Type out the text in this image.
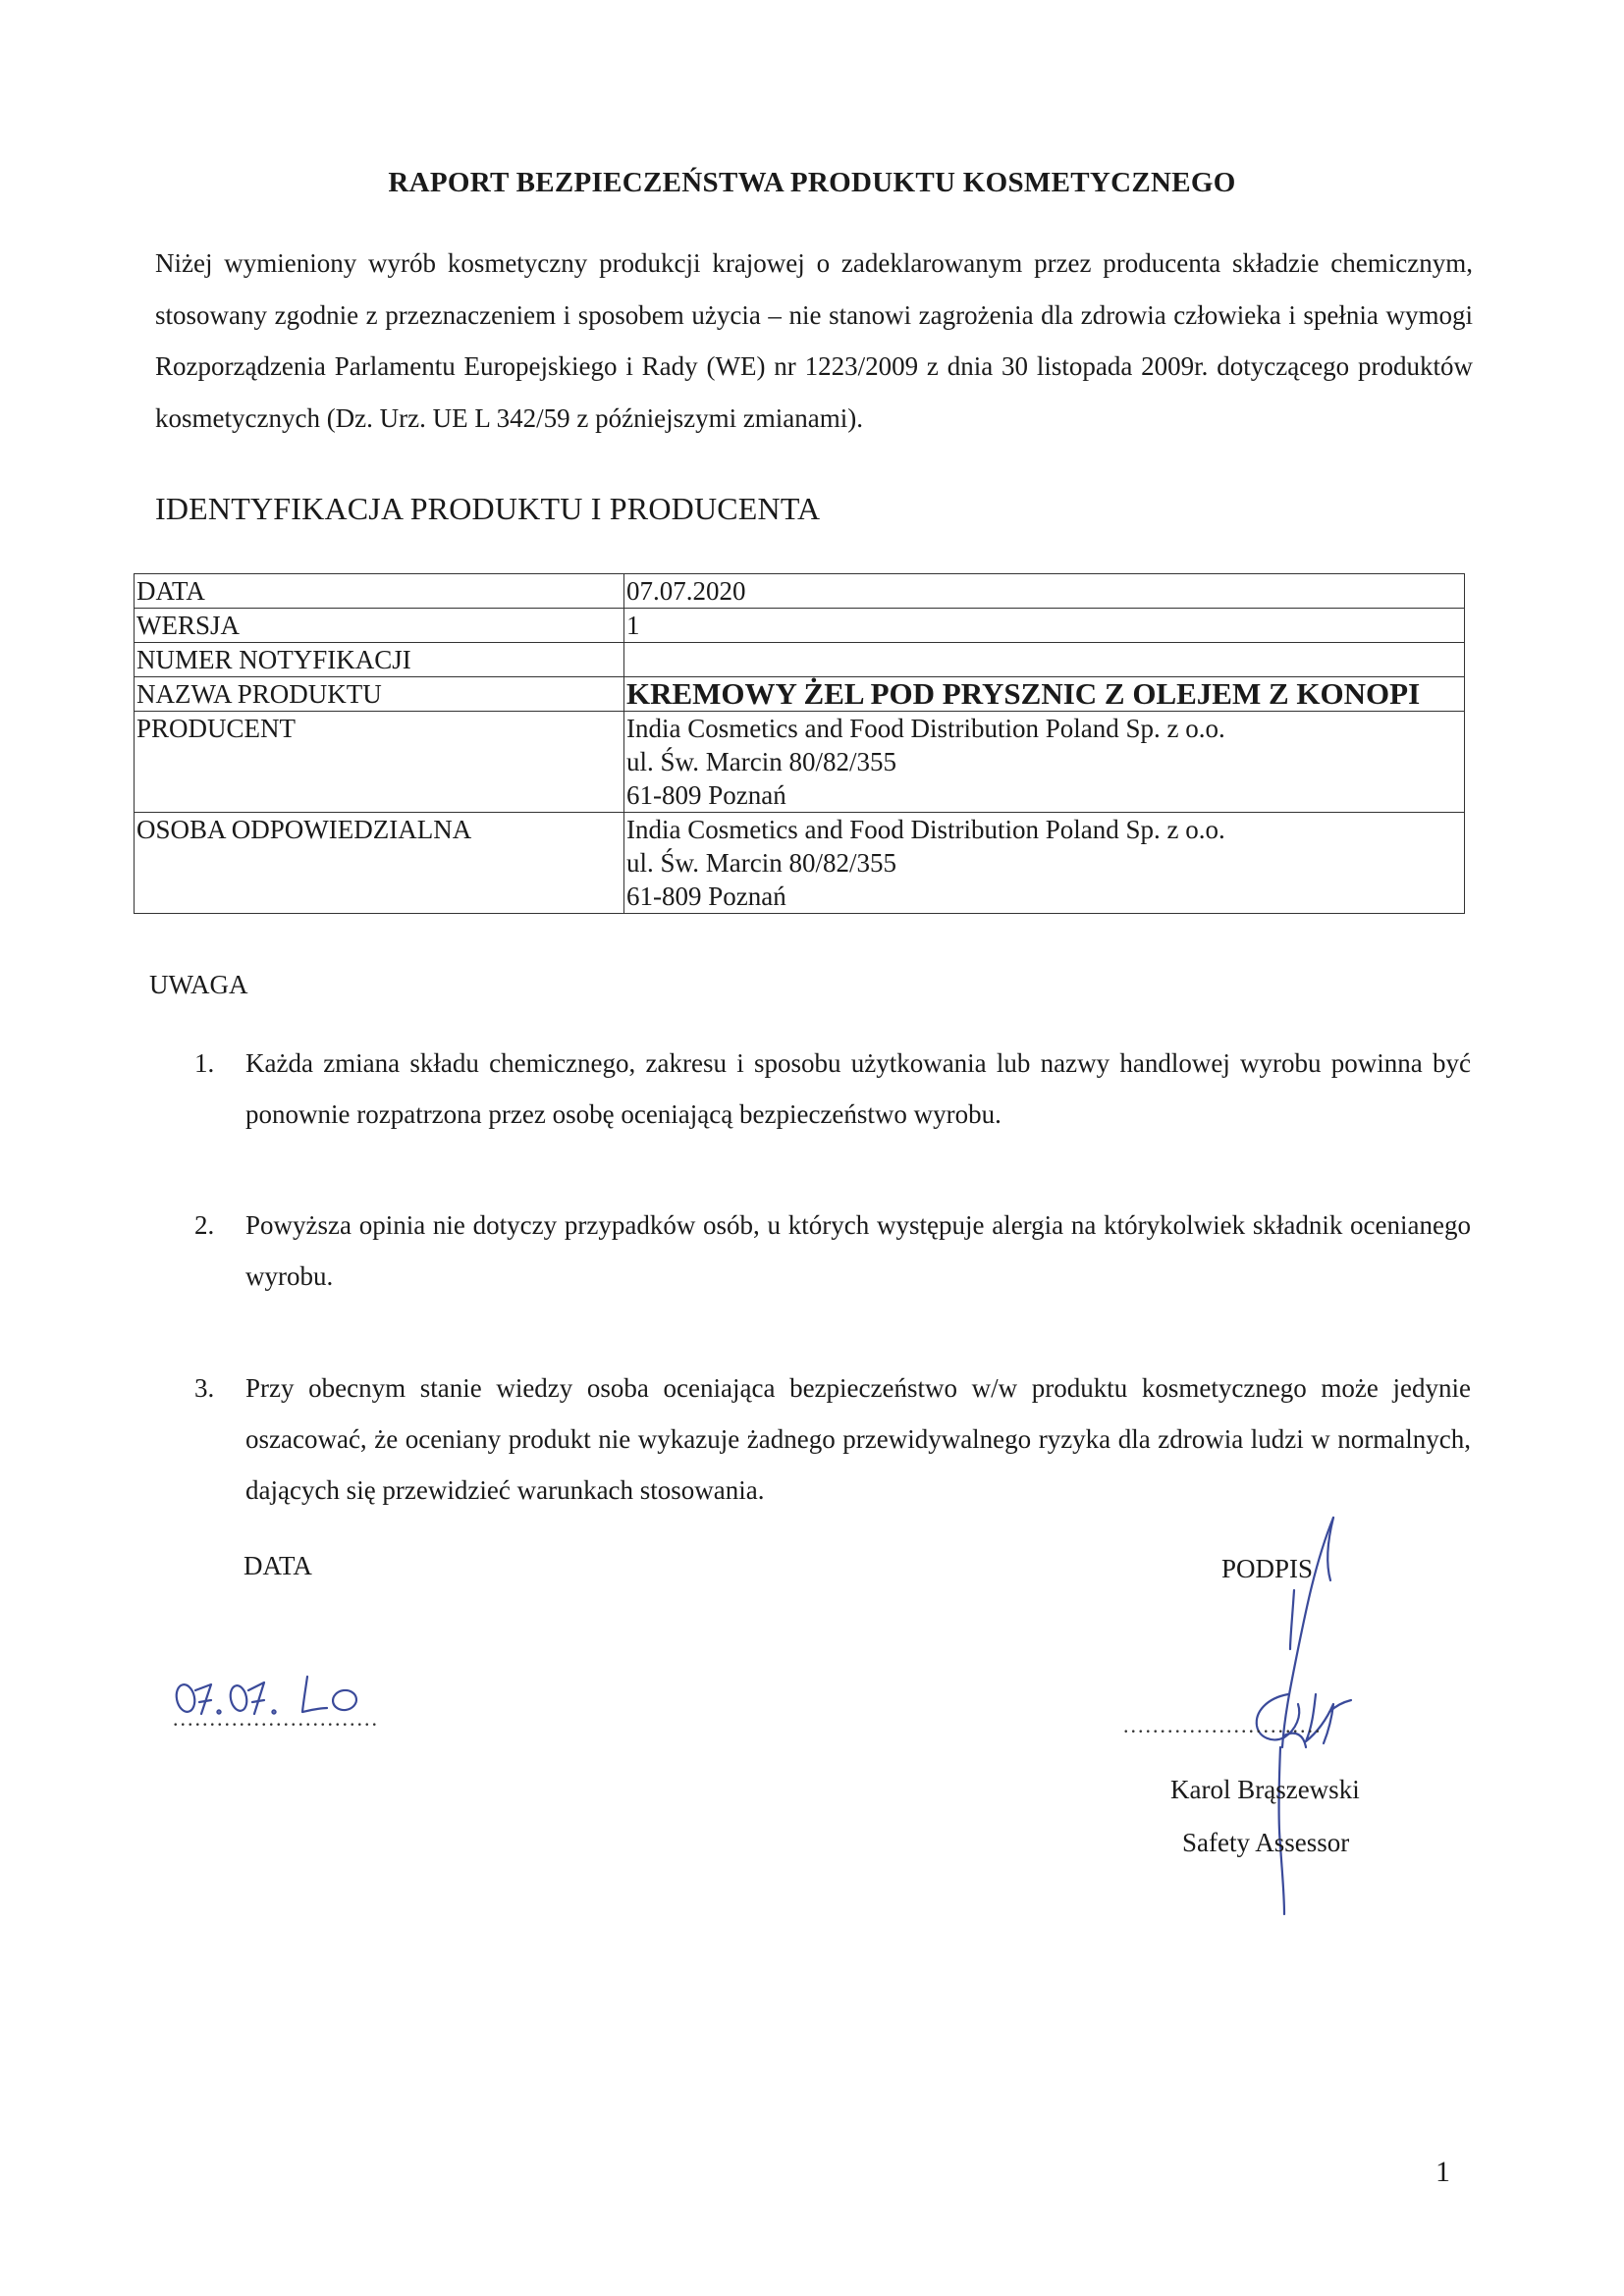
RAPORT BEZPIECZEŃSTWA PRODUKTU KOSMETYCZNEGO
Niżej wymieniony wyrób kosmetyczny produkcji krajowej o zadeklarowanym przez producenta składzie chemicznym, stosowany zgodnie z przeznaczeniem i sposobem użycia – nie stanowi zagrożenia dla zdrowia człowieka i spełnia wymogi Rozporządzenia Parlamentu Europejskiego i Rady (WE) nr 1223/2009 z dnia 30 listopada 2009r. dotyczącego produktów kosmetycznych (Dz. Urz. UE L 342/59 z późniejszymi zmianami).
IDENTYFIKACJA PRODUKTU I PRODUCENTA
DATA	07.07.2020
WERSJA	1
NUMER NOTYFIKACJI	
NAZWA PRODUKTU	KREMOWY ŻEL POD PRYSZNIC Z OLEJEM Z KONOPI
PRODUCENT	India Cosmetics and Food Distribution Poland Sp. z o.o.
ul. Św. Marcin 80/82/355
61-809 Poznań

OSOBA ODPOWIEDZIALNA	India Cosmetics and Food Distribution Poland Sp. z o.o.
ul. Św. Marcin 80/82/355
61-809 Poznań
UWAGA
1.	Każda zmiana składu chemicznego, zakresu i sposobu użytkowania lub nazwy handlowej wyrobu powinna być ponownie rozpatrzona przez osobę oceniającą bezpieczeństwo wyrobu.
2.	Powyższa opinia nie dotyczy przypadków osób, u których występuje alergia na którykolwiek składnik ocenianego wyrobu.
3.	Przy obecnym stanie wiedzy osoba oceniająca bezpieczeństwo w/w produktu kosmetycznego może jedynie oszacować, że oceniany produkt nie wykazuje żadnego przewidywalnego ryzyka dla zdrowia ludzi w normalnych, dających się przewidzieć warunkach stosowania.
DATA	PODPIS
............................	...........................
Karol Brąszewski
Safety Assessor
1
